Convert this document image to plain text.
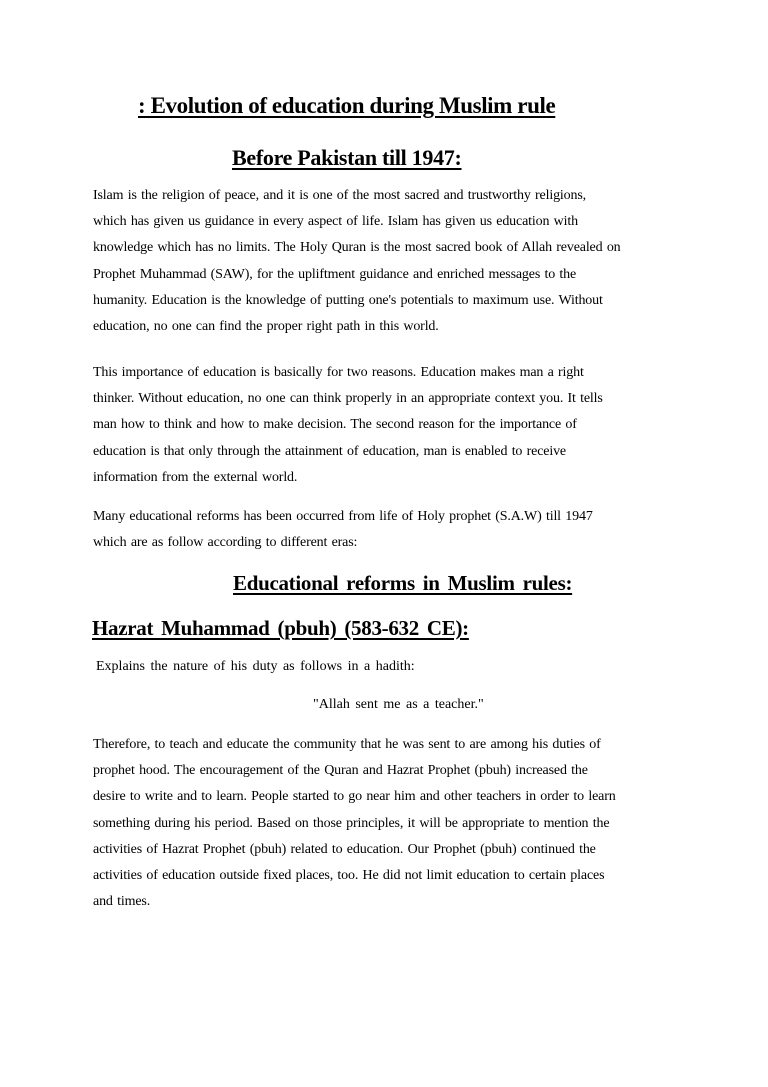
: Evolution of education during Muslim rule
Before Pakistan till 1947:
Islam is the religion of peace, and it is one of the most sacred and trustworthy religions,
which has given us guidance in every aspect of life. Islam has given us education with
knowledge which has no limits. The Holy Quran is the most sacred book of Allah revealed on
Prophet Muhammad (SAW), for the upliftment guidance and enriched messages to the
humanity. Education is the knowledge of putting one's potentials to maximum use. Without
education, no one can find the proper right path in this world.
This importance of education is basically for two reasons. Education makes man a right
thinker. Without education, no one can think properly in an appropriate context you. It tells
man how to think and how to make decision. The second reason for the importance of
education is that only through the attainment of education, man is enabled to receive
information from the external world.
Many educational reforms has been occurred from life of Holy prophet (S.A.W) till 1947
which are as follow according to different eras:
Educational reforms in Muslim rules:
Hazrat Muhammad (pbuh) (583-632 CE):
Explains the nature of his duty as follows in a hadith:
"Allah sent me as a teacher."
Therefore, to teach and educate the community that he was sent to are among his duties of
prophet hood. The encouragement of the Quran and Hazrat Prophet (pbuh) increased the
desire to write and to learn. People started to go near him and other teachers in order to learn
something during his period. Based on those principles, it will be appropriate to mention the
activities of Hazrat Prophet (pbuh) related to education. Our Prophet (pbuh) continued the
activities of education outside fixed places, too. He did not limit education to certain places
and times.
